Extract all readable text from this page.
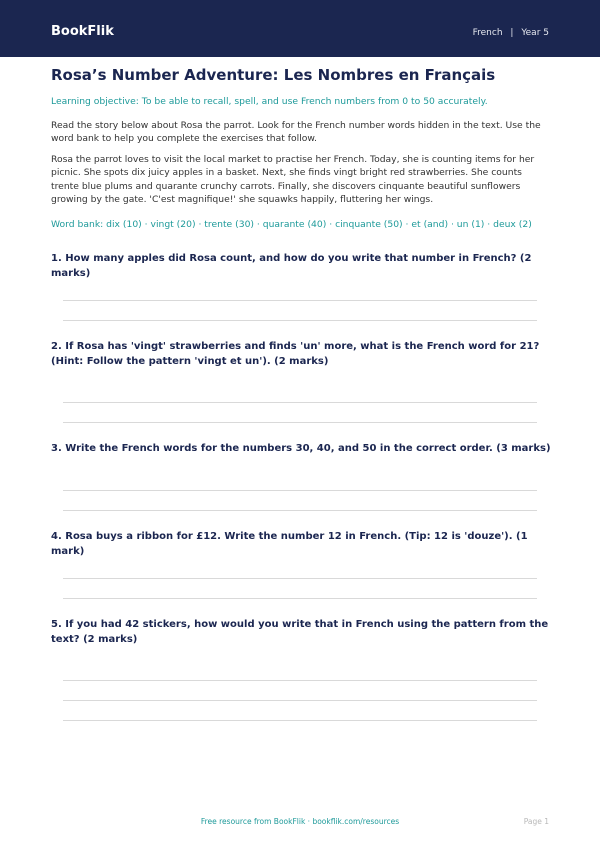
BookFlik	French | Year 5
Rosa’s Number Adventure: Les Nombres en Français
Learning objective: To be able to recall, spell, and use French numbers from 0 to 50 accurately.
Read the story below about Rosa the parrot. Look for the French number words hidden in the text. Use the word bank to help you complete the exercises that follow.
Rosa the parrot loves to visit the local market to practise her French. Today, she is counting items for her picnic. She spots dix juicy apples in a basket. Next, she finds vingt bright red strawberries. She counts trente blue plums and quarante crunchy carrots. Finally, she discovers cinquante beautiful sunflowers growing by the gate. 'C'est magnifique!' she squawks happily, fluttering her wings.
Word bank: dix (10) · vingt (20) · trente (30) · quarante (40) · cinquante (50) · et (and) · un (1) · deux (2)
1. How many apples did Rosa count, and how do you write that number in French? (2 marks)
2. If Rosa has 'vingt' strawberries and finds 'un' more, what is the French word for 21? (Hint: Follow the pattern 'vingt et un'). (2 marks)
3. Write the French words for the numbers 30, 40, and 50 in the correct order. (3 marks)
4. Rosa buys a ribbon for £12. Write the number 12 in French. (Tip: 12 is 'douze'). (1 mark)
5. If you had 42 stickers, how would you write that in French using the pattern from the text? (2 marks)
Free resource from BookFlik · bookflik.com/resources	Page 1
